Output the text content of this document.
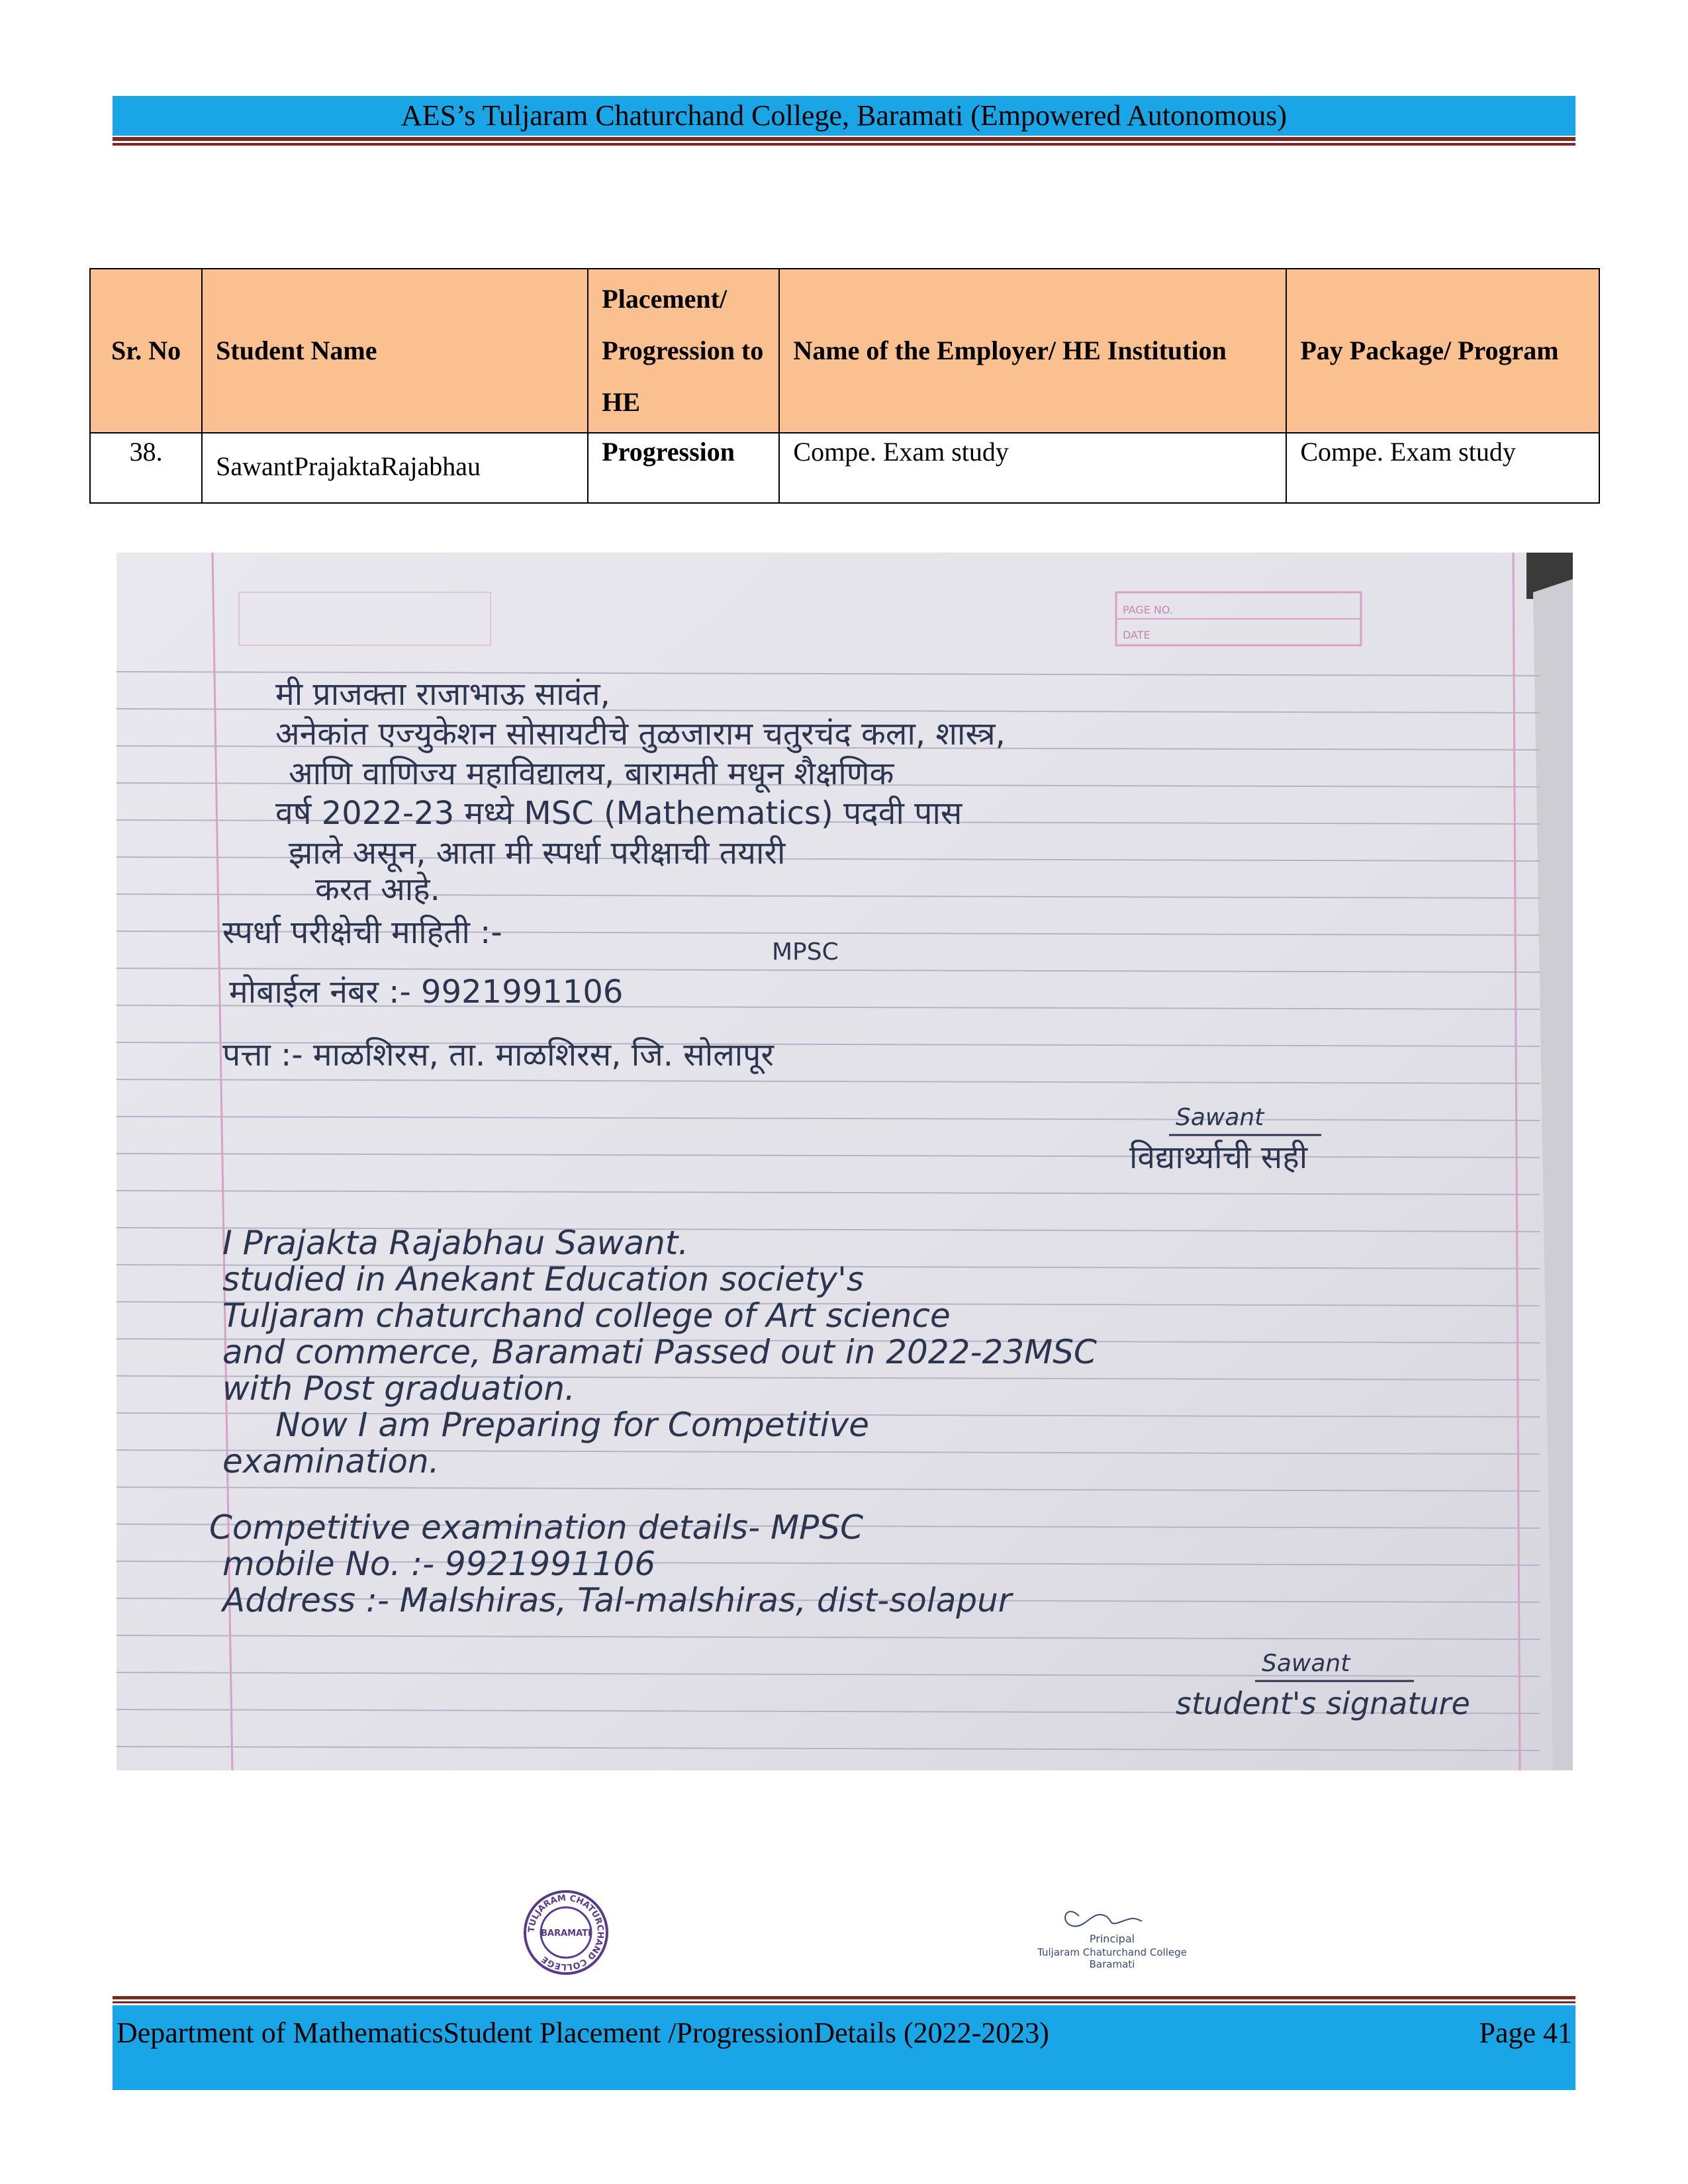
AES’s Tuljaram Chaturchand College, Baramati (Empowered Autonomous)
Sr. No	Student Name	Placement/ Progression to HE	Name of the Employer/ HE Institution	Pay Package/ Program
38.	SawantPrajaktaRajabhau	Progression	Compe. Exam study	Compe. Exam study
PAGE NO.
DATE
मी प्राजक्ता राजाभाऊ सावंत,
अनेकांत एज्युकेशन सोसायटीचे तुळजाराम चतुरचंद कला, शास्त्र,
आणि वाणिज्य महाविद्यालय, बारामती मधून शैक्षणिक
वर्ष 2022-23 मध्ये MSC (Mathematics) पदवी पास
झाले असून, आता मी स्पर्धा परीक्षाची तयारी
करत आहे.
स्पर्धा परीक्षेची माहिती :-
MPSC
मोबाईल नंबर :- 9921991106
पत्ता :- माळशिरस, ता. माळशिरस, जि. सोलापूर
Sawant
विद्यार्थ्याची सही
I Prajakta Rajabhau Sawant.
studied in Anekant Education society's
Tuljaram chaturchand college of Art science
and commerce, Baramati Passed out in 2022-23MSC
with Post graduation.
Now I am Preparing for Competitive
examination.
Competitive examination details- MPSC
mobile No. :- 9921991106
Address :- Malshiras, Tal-malshiras, dist-solapur
Sawant
student's signature
TULJARAM CHATURCHAND COLLEGE
BARAMATI	Principal
Tuljaram Chaturchand College
Baramati
Department of MathematicsStudent Placement /ProgressionDetails (2022-2023)	Page 41
